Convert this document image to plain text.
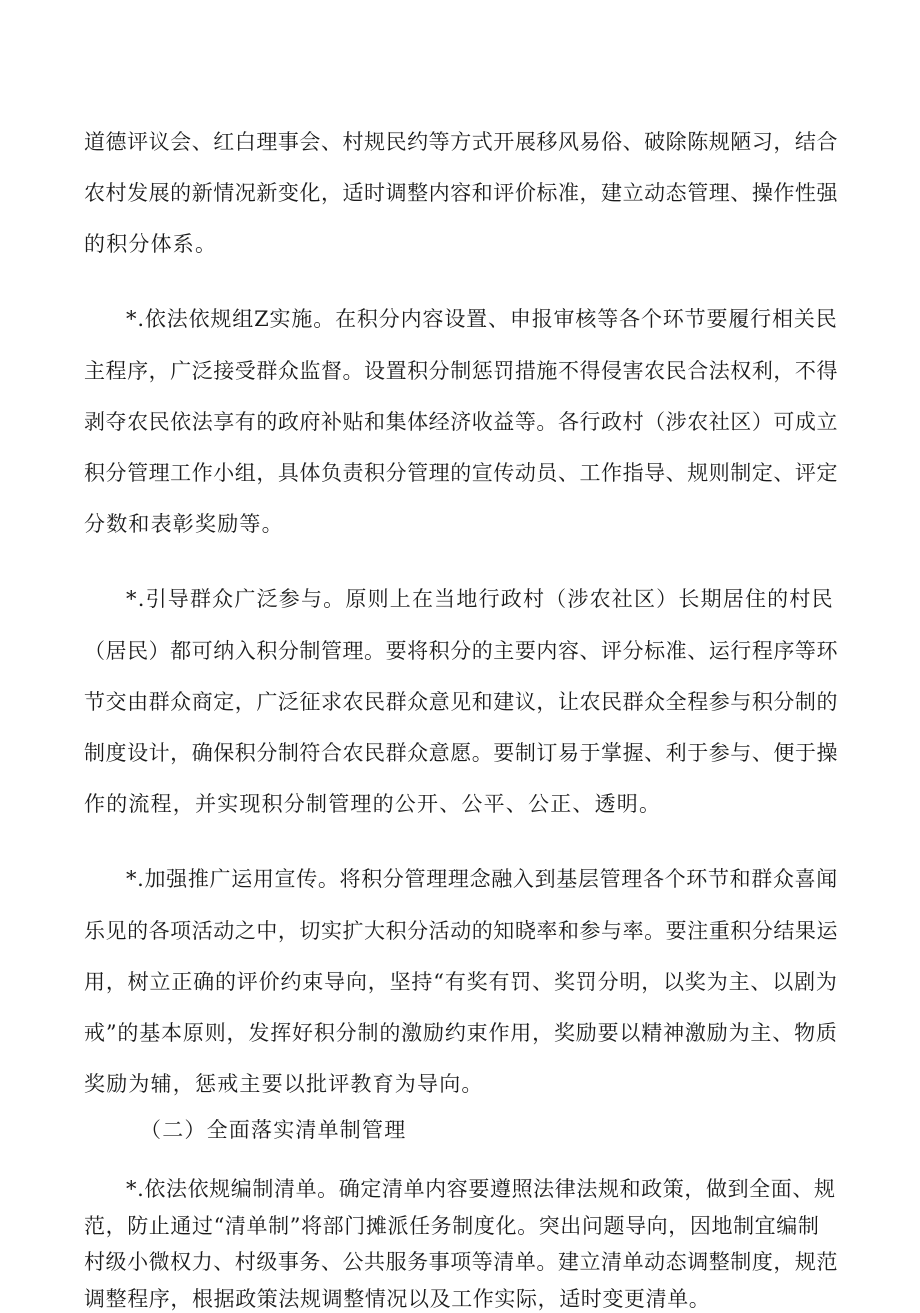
道德评议会、红白理事会、村规民约等方式开展移风易俗、破除陈规陋习，结合
农村发展的新情况新变化，适时调整内容和评价标准，建立动态管理、操作性强
的积分体系。
*.依法依规组Z实施。在积分内容设置、申报审核等各个环节要履行相关民
主程序，广泛接受群众监督。设置积分制惩罚措施不得侵害农民合法权利，不得
剥夺农民依法享有的政府补贴和集体经济收益等。各行政村（涉农社区）可成立
积分管理工作小组，具体负责积分管理的宣传动员、工作指导、规则制定、评定
分数和表彰奖励等。
*.引导群众广泛参与。原则上在当地行政村（涉农社区）长期居住的村民
（居民）都可纳入积分制管理。要将积分的主要内容、评分标准、运行程序等环
节交由群众商定，广泛征求农民群众意见和建议，让农民群众全程参与积分制的
制度设计，确保积分制符合农民群众意愿。要制订易于掌握、利于参与、便于操
作的流程，并实现积分制管理的公开、公平、公正、透明。
*.加强推广运用宣传。将积分管理理念融入到基层管理各个环节和群众喜闻
乐见的各项活动之中，切实扩大积分活动的知晓率和参与率。要注重积分结果运
用，树立正确的评价约束导向，坚持“有奖有罚、奖罚分明，以奖为主、以剧为
戒”的基本原则，发挥好积分制的激励约束作用，奖励要以精神激励为主、物质
奖励为辅，惩戒主要以批评教育为导向。
（二）全面落实清单制管理
*.依法依规编制清单。确定清单内容要遵照法律法规和政策，做到全面、规
范，防止通过“清单制”将部门摊派任务制度化。突出问题导向，因地制宜编制
村级小微权力、村级事务、公共服务事项等清单。建立清单动态调整制度，规范
调整程序，根据政策法规调整情况以及工作实际，适时变更清单。
